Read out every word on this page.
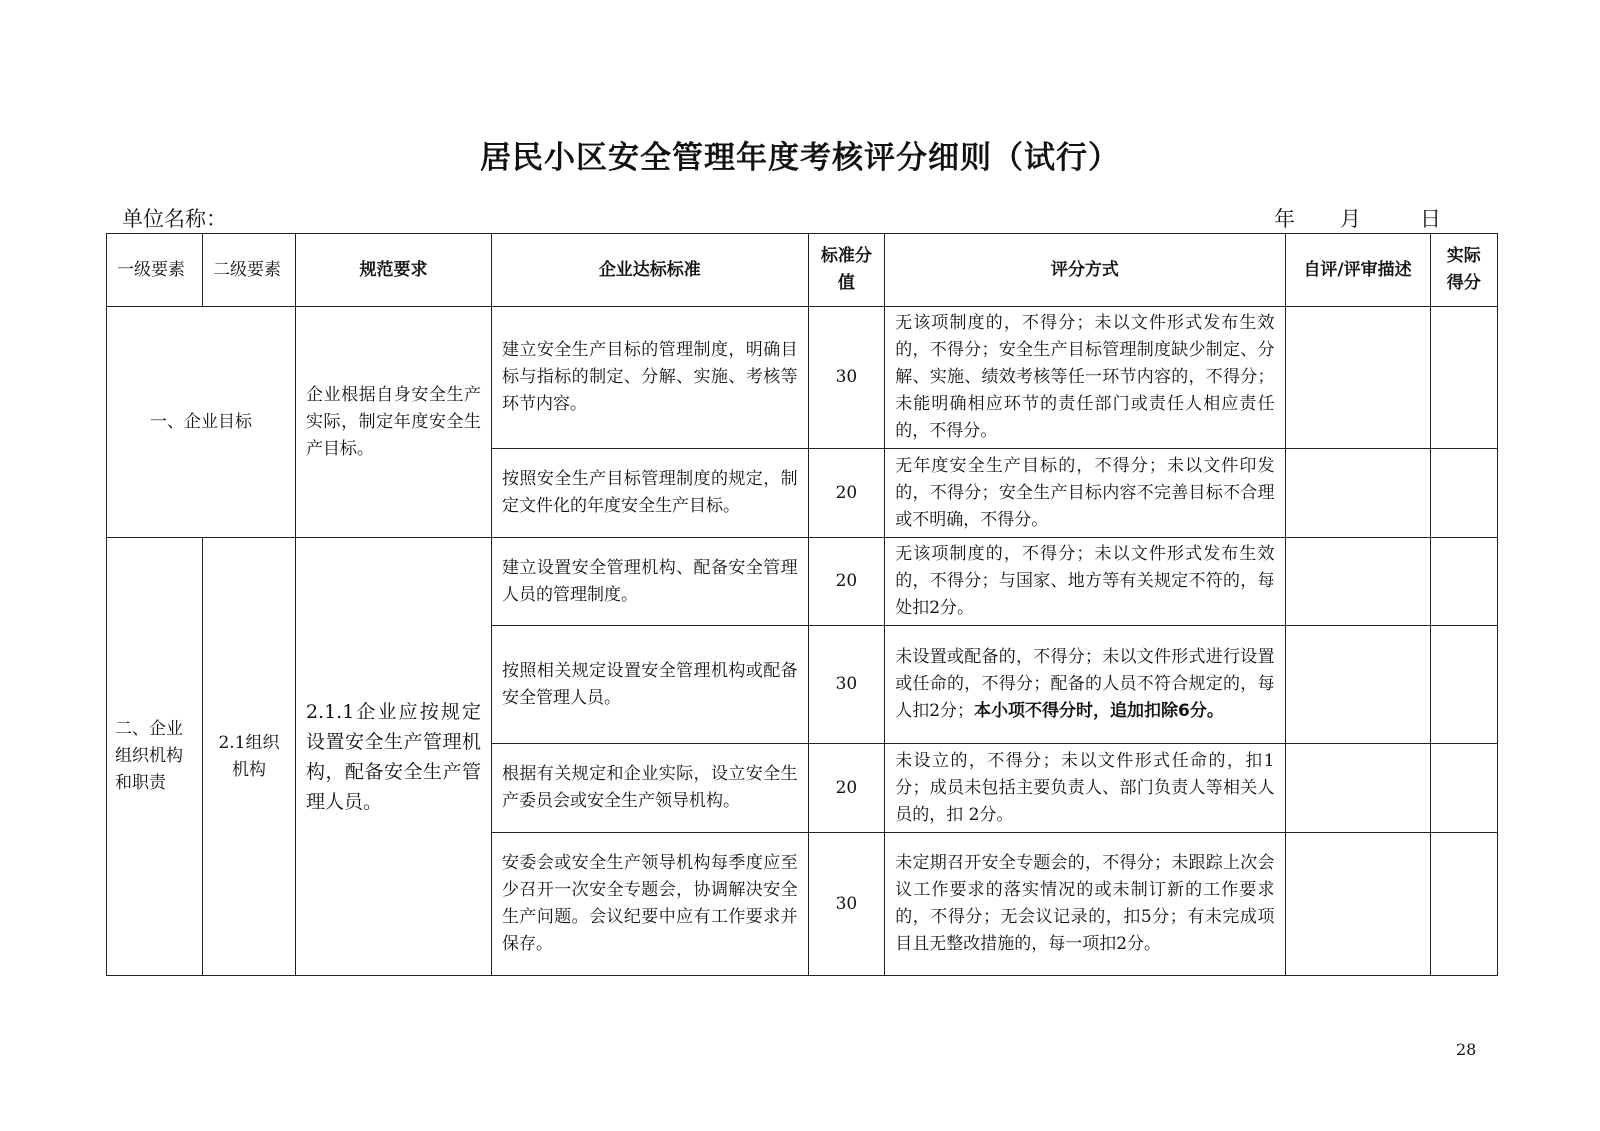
居民小区安全管理年度考核评分细则（试行）
单位名称：	年 月	日
一级要素	二级要素	规范要求	企业达标标准	标准分值	评分方式	自评/评审描述	实际得分
一、企业目标		企业根据自身安全生产实际，制定年度安全生产目标。	建立安全生产目标的管理制度，明确目标与指标的制定、分解、实施、考核等环节内容。	30	无该项制度的，不得分；未以文件形式发布生效的，不得分；安全生产目标管理制度缺少制定、分解、实施、绩效考核等任一环节内容的，不得分；未能明确相应环节的责任部门或责任人相应责任的，不得分。		
			按照安全生产目标管理制度的规定，制定文件化的年度安全生产目标。	20	无年度安全生产目标的，不得分；未以文件印发的，不得分；安全生产目标内容不完善目标不合理或不明确，不得分。		
二、企业组织机构和职责	2.1组织机构	2.1.1企业应按规定设置安全生产管理机构，配备安全生产管理人员。	建立设置安全管理机构、配备安全管理人员的管理制度。	20	无该项制度的，不得分；未以文件形式发布生效的，不得分；与国家、地方等有关规定不符的，每处扣2分。		
			按照相关规定设置安全管理机构或配备安全管理人员。	30	未设置或配备的，不得分；未以文件形式进行设置或任命的，不得分；配备的人员不符合规定的，每人扣2分；本小项不得分时，追加扣除6分。		
			根据有关规定和企业实际，设立安全生产委员会或安全生产领导机构。	20	未设立的，不得分；未以文件形式任命的，扣1分；成员未包括主要负责人、部门负责人等相关人员的，扣 2分。		
			安委会或安全生产领导机构每季度应至少召开一次安全专题会，协调解决安全生产问题。会议纪要中应有工作要求并保存。	30	未定期召开安全专题会的，不得分；未跟踪上次会议工作要求的落实情况的或未制订新的工作要求的，不得分；无会议记录的，扣5分；有未完成项目且无整改措施的，每一项扣2分。		
28
